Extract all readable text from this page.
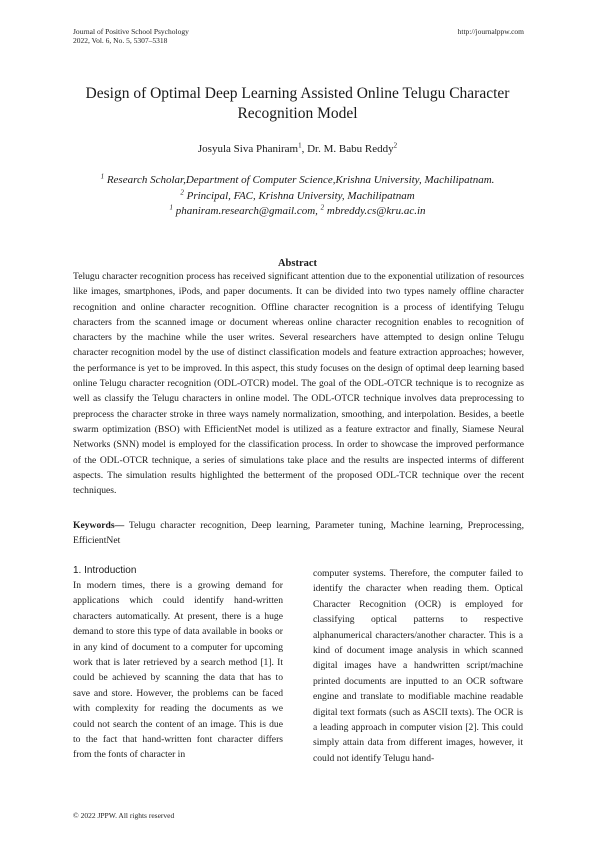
Journal of Positive School Psychology
2022, Vol. 6, No. 5, 5307–5318
http://journalppw.com
Design of Optimal Deep Learning Assisted Online Telugu Character Recognition Model
Josyula Siva Phaniram$^1$, Dr. M. Babu Reddy$^2$
$^1$ Research Scholar,Department of Computer Science,Krishna University, Machilipatnam.
$^2$ Principal, FAC, Krishna University, Machilipatnam
$^1$ phaniram.research@gmail.com, $^2$ mbreddy.cs@kru.ac.in
Abstract
Telugu character recognition process has received significant attention due to the exponential utilization of resources like images, smartphones, iPods, and paper documents. It can be divided into two types namely offline character recognition and online character recognition. Offline character recognition is a process of identifying Telugu characters from the scanned image or document whereas online character recognition enables to recognition of characters by the machine while the user writes. Several researchers have attempted to design online Telugu character recognition model by the use of distinct classification models and feature extraction approaches; however, the performance is yet to be improved. In this aspect, this study focuses on the design of optimal deep learning based online Telugu character recognition (ODL-OTCR) model. The goal of the ODL-OTCR technique is to recognize as well as classify the Telugu characters in online model. The ODL-OTCR technique involves data preprocessing to preprocess the character stroke in three ways namely normalization, smoothing, and interpolation. Besides, a beetle swarm optimization (BSO) with EfficientNet model is utilized as a feature extractor and finally, Siamese Neural Networks (SNN) model is employed for the classification process. In order to showcase the improved performance of the ODL-OTCR technique, a series of simulations take place and the results are inspected interms of different aspects. The simulation results highlighted the betterment of the proposed ODL-TCR technique over the recent techniques.
Keywords— Telugu character recognition, Deep learning, Parameter tuning, Machine learning, Preprocessing, EfficientNet
1. Introduction

In modern times, there is a growing demand for applications which could identify hand-written characters automatically. At present, there is a huge demand to store this type of data available in books or in any kind of document to a computer for upcoming work that is later retrieved by a search method [1]. It could be achieved by scanning the data that has to save and store. However, the problems can be faced with complexity for reading the documents as we could not search the content of an image. This is due to the fact that hand-written font character differs from the fonts of character in

computer systems. Therefore, the computer failed to identify the character when reading them. Optical Character Recognition (OCR) is employed for classifying optical patterns to respective alphanumerical characters/another character. This is a kind of document image analysis in which scanned digital images have a handwritten script/machine printed documents are inputted to an OCR software engine and translate to modifiable machine readable digital text formats (such as ASCII texts). The OCR is a leading approach in computer vision [2]. This could simply attain data from different images, however, it could not identify Telugu hand-

© 2022 JPPW. All rights reserved
